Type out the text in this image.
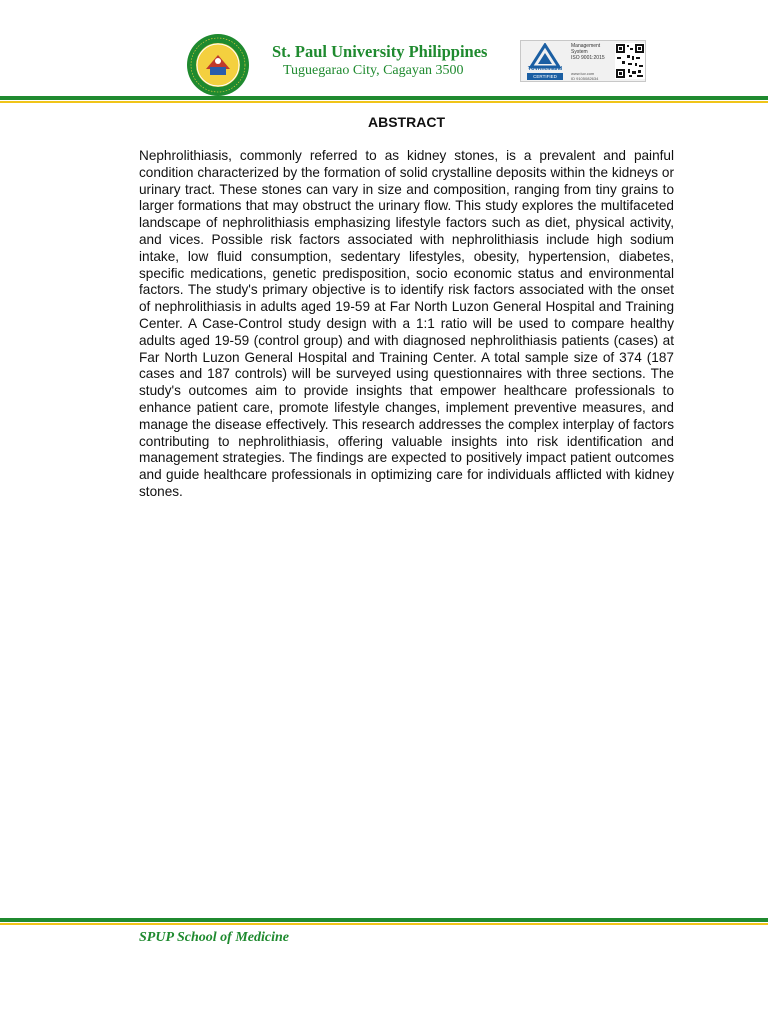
St. Paul University Philippines
Tuguegarao City, Cagayan 3500	TÜVRheinland
CERTIFIED
Management
System
ISO 9001:2015
www.tuv.com
ID 9105082634
ABSTRACT

Nephrolithiasis, commonly referred to as kidney stones, is a prevalent and painful condition characterized by the formation of solid crystalline deposits within the kidneys or urinary tract. These stones can vary in size and composition, ranging from tiny grains to larger formations that may obstruct the urinary flow. This study explores the multifaceted landscape of nephrolithiasis emphasizing lifestyle factors such as diet, physical activity, and vices. Possible risk factors associated with nephrolithiasis include high sodium intake, low fluid consumption, sedentary lifestyles, obesity, hypertension, diabetes, specific medications, genetic predisposition, socio economic status and environmental factors. The study's primary objective is to identify risk factors associated with the onset of nephrolithiasis in adults aged 19-59 at Far North Luzon General Hospital and Training Center. A Case-Control study design with a 1:1 ratio will be used to compare healthy adults aged 19-59 (control group) and with diagnosed nephrolithiasis patients (cases) at Far North Luzon General Hospital and Training Center. A total sample size of 374 (187 cases and 187 controls) will be surveyed using questionnaires with three sections. The study's outcomes aim to provide insights that empower healthcare professionals to enhance patient care, promote lifestyle changes, implement preventive measures, and manage the disease effectively. This research addresses the complex interplay of factors contributing to nephrolithiasis, offering valuable insights into risk identification and management strategies. The findings are expected to positively impact patient outcomes and guide healthcare professionals in optimizing care for individuals afflicted with kidney stones.

SPUP School of Medicine
